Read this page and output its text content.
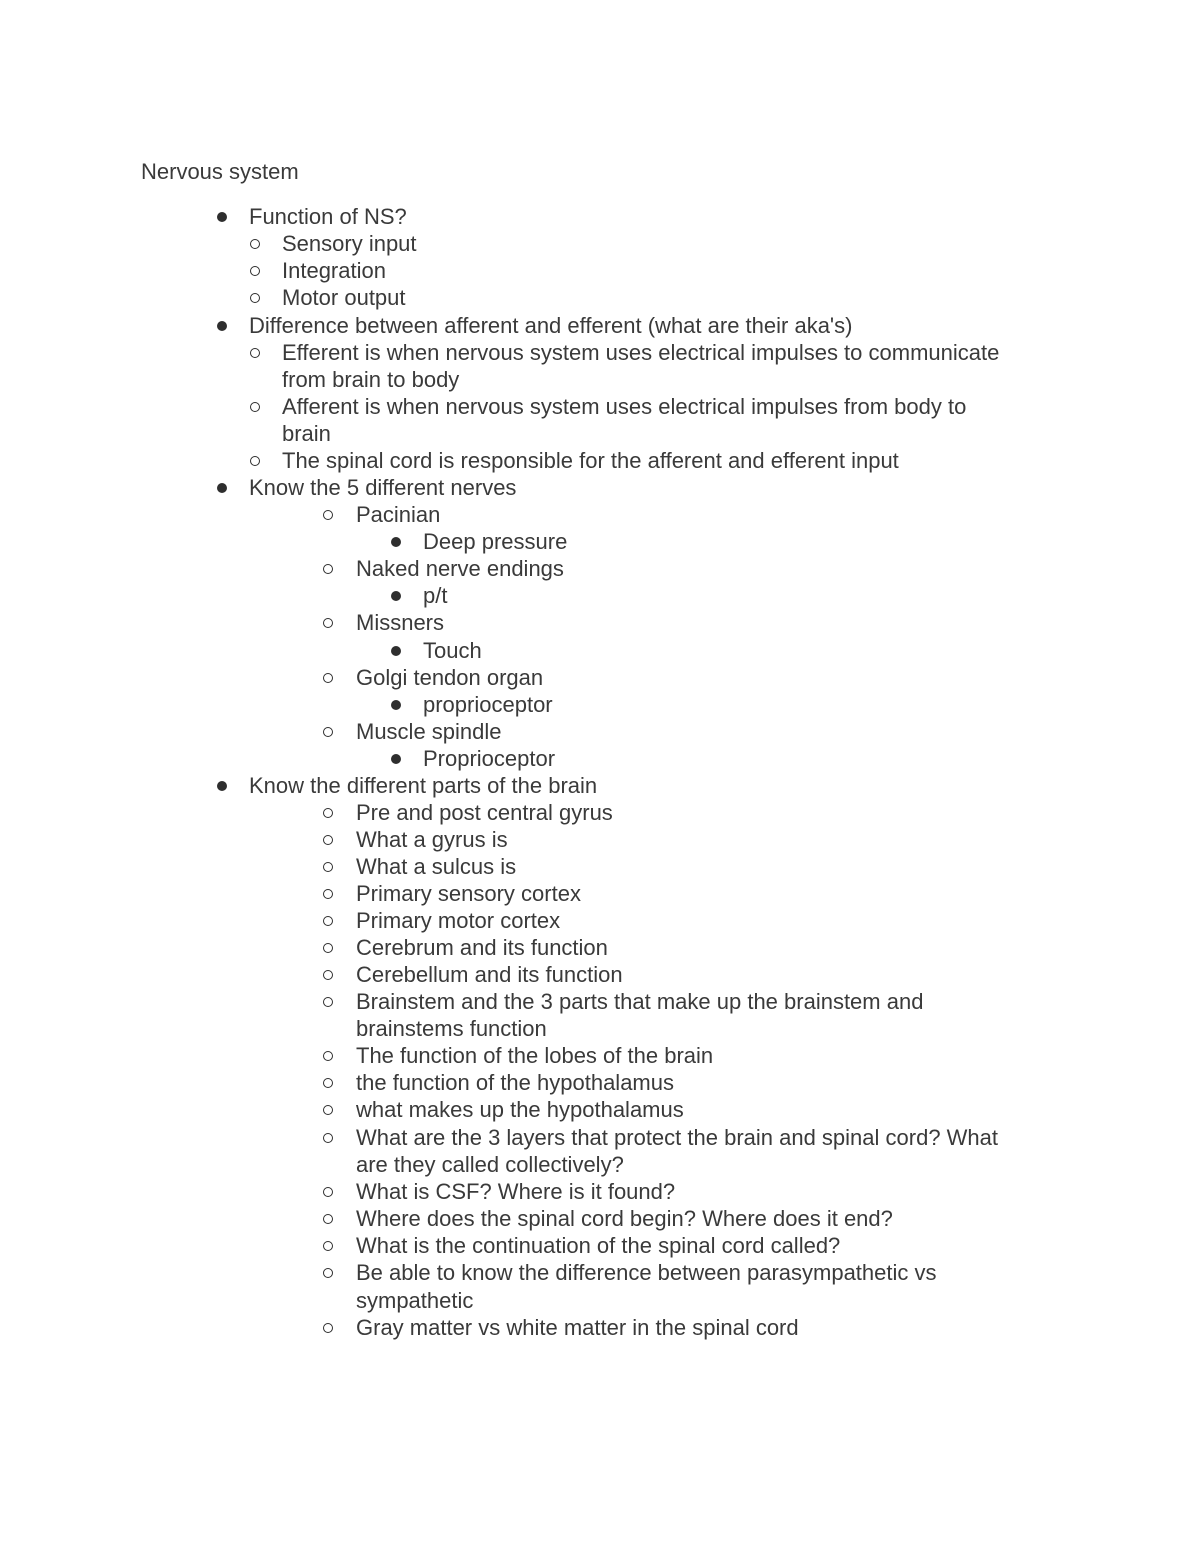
Nervous system
Function of NS?
Sensory input
Integration
Motor output
Difference between afferent and efferent (what are their aka's)
Efferent is when nervous system uses electrical impulses to communicate
from brain to body
Afferent is when nervous system uses electrical impulses from body to
brain
The spinal cord is responsible for the afferent and efferent input
Know the 5 different nerves
Pacinian
Deep pressure
Naked nerve endings
p/t
Missners
Touch
Golgi tendon organ
proprioceptor
Muscle spindle
Proprioceptor
Know the different parts of the brain
Pre and post central gyrus
What a gyrus is
What a sulcus is
Primary sensory cortex
Primary motor cortex
Cerebrum and its function
Cerebellum and its function
Brainstem and the 3 parts that make up the brainstem and
brainstems function
The function of the lobes of the brain
the function of the hypothalamus
what makes up the hypothalamus
What are the 3 layers that protect the brain and spinal cord? What
are they called collectively?
What is CSF? Where is it found?
Where does the spinal cord begin? Where does it end?
What is the continuation of the spinal cord called?
Be able to know the difference between parasympathetic vs
sympathetic
Gray matter vs white matter in the spinal cord
